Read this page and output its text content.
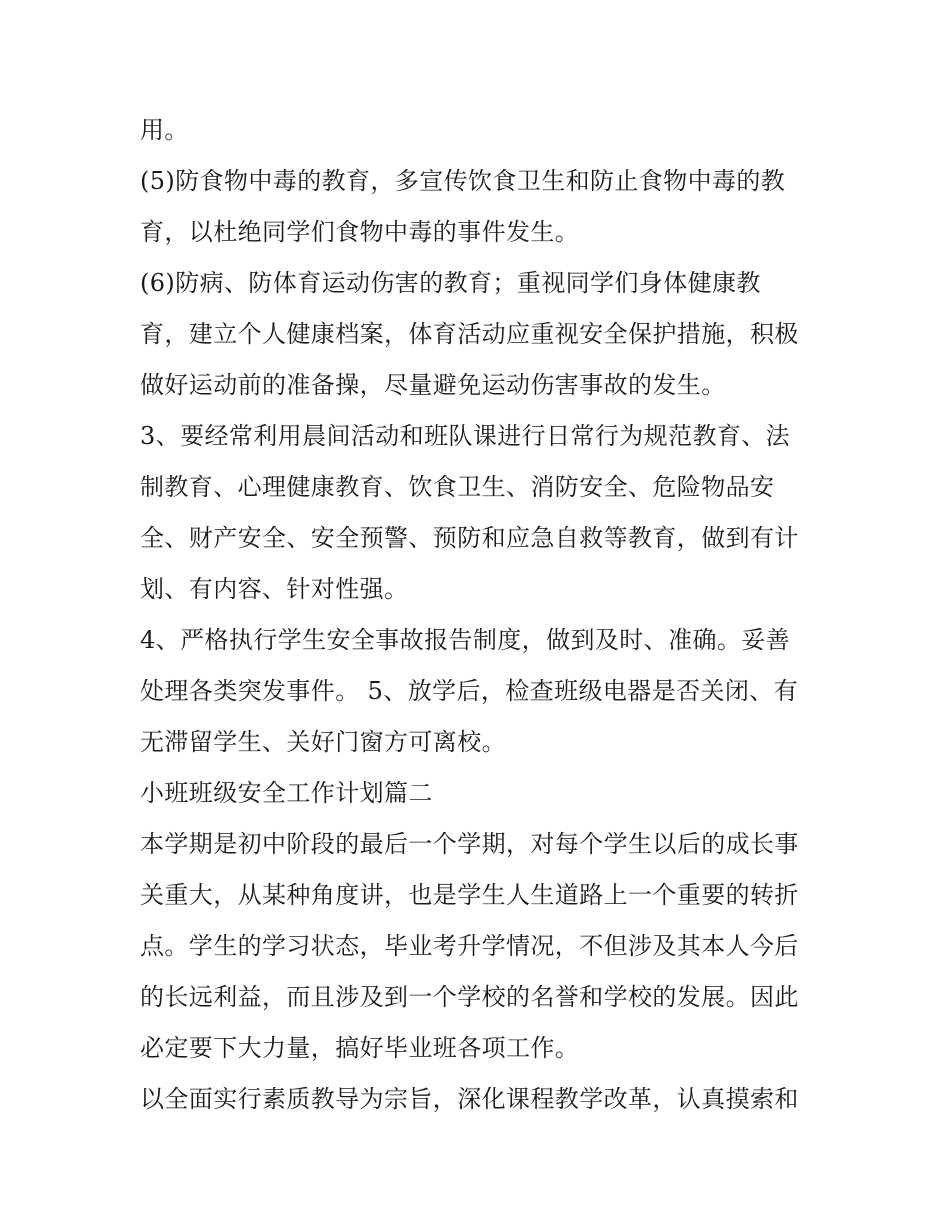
用。

(5)防食物中毒的教育，多宣传饮食卫生和防止食物中毒的教

育，以杜绝同学们食物中毒的事件发生。

(6)防病、防体育运动伤害的教育；重视同学们身体健康教

育，建立个人健康档案，体育活动应重视安全保护措施，积极

做好运动前的准备操，尽量避免运动伤害事故的发生。

3、要经常利用晨间活动和班队课进行日常行为规范教育、法

制教育、心理健康教育、饮食卫生、消防安全、危险物品安

全、财产安全、安全预警、预防和应急自救等教育，做到有计

划、有内容、针对性强。

4、严格执行学生安全事故报告制度，做到及时、准确。妥善

处理各类突发事件。 5、放学后，检查班级电器是否关闭、有

无滞留学生、关好门窗方可离校。

小班班级安全工作计划篇二

本学期是初中阶段的最后一个学期，对每个学生以后的成长事

关重大，从某种角度讲，也是学生人生道路上一个重要的转折

点。学生的学习状态，毕业考升学情况，不但涉及其本人今后

的长远利益，而且涉及到一个学校的名誉和学校的发展。因此

必定要下大力量，搞好毕业班各项工作。

以全面实行素质教导为宗旨，深化课程教学改革，认真摸索和
